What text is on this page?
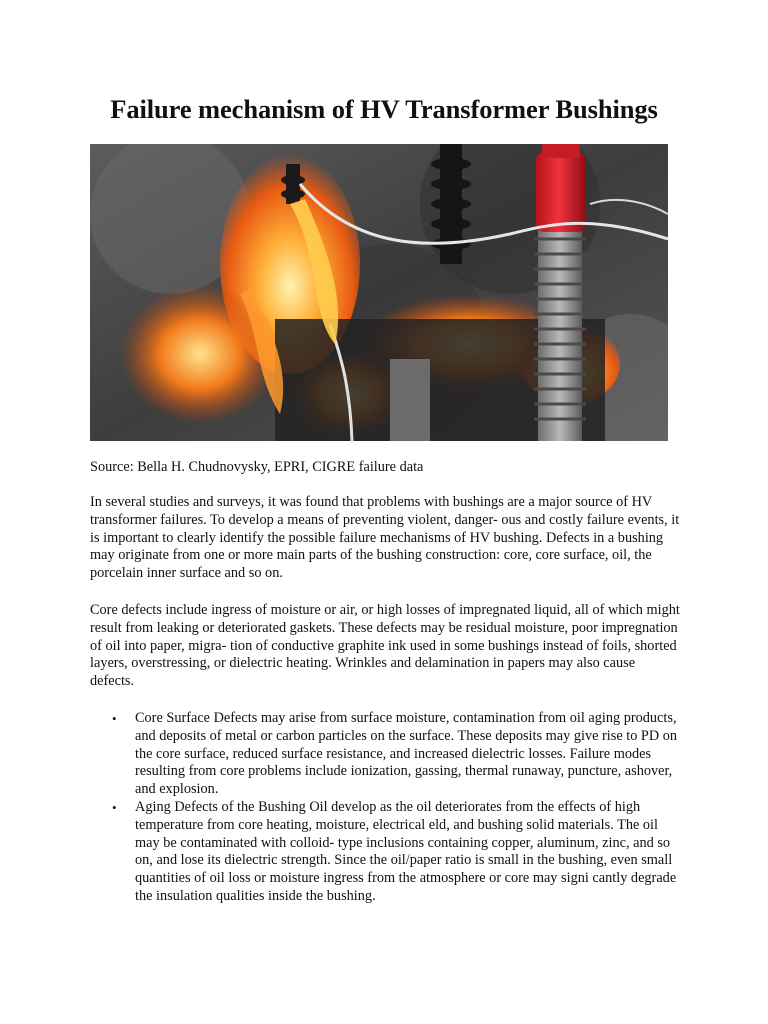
Failure mechanism of HV Transformer Bushings

Source: Bella H. Chudnovysky, EPRI, CIGRE failure data

In several studies and surveys, it was found that problems with bushings are a major source of HV transformer failures. To develop a means of preventing violent, danger- ous and costly failure events, it is important to clearly identify the possible failure mechanisms of HV bushing. Defects in a bushing may originate from one or more main parts of the bushing construction: core, core surface, oil, the porcelain inner surface and so on.

Core defects include ingress of moisture or air, or high losses of impregnated liquid, all of which might result from leaking or deteriorated gaskets. These defects may be residual moisture, poor impregnation of oil into paper, migra- tion of conductive graphite ink used in some bushings instead of foils, shorted layers, overstressing, or dielectric heating. Wrinkles and delamination in papers may also cause defects.

• Core Surface Defects may arise from surface moisture, contamination from oil aging products, and deposits of metal or carbon particles on the surface. These deposits may give rise to PD on the core surface, reduced surface resistance, and increased dielectric losses. Failure modes resulting from core problems include ionization, gassing, thermal runaway, puncture, ashover, and explosion.
• Aging Defects of the Bushing Oil develop as the oil deteriorates from the effects of high temperature from core heating, moisture, electrical eld, and bushing solid materials. The oil may be contaminated with colloid- type inclusions containing copper, aluminum, zinc, and so on, and lose its dielectric strength. Since the oil/paper ratio is small in the bushing, even small quantities of oil loss or moisture ingress from the atmosphere or core may signi cantly degrade the insulation qualities inside the bushing.
